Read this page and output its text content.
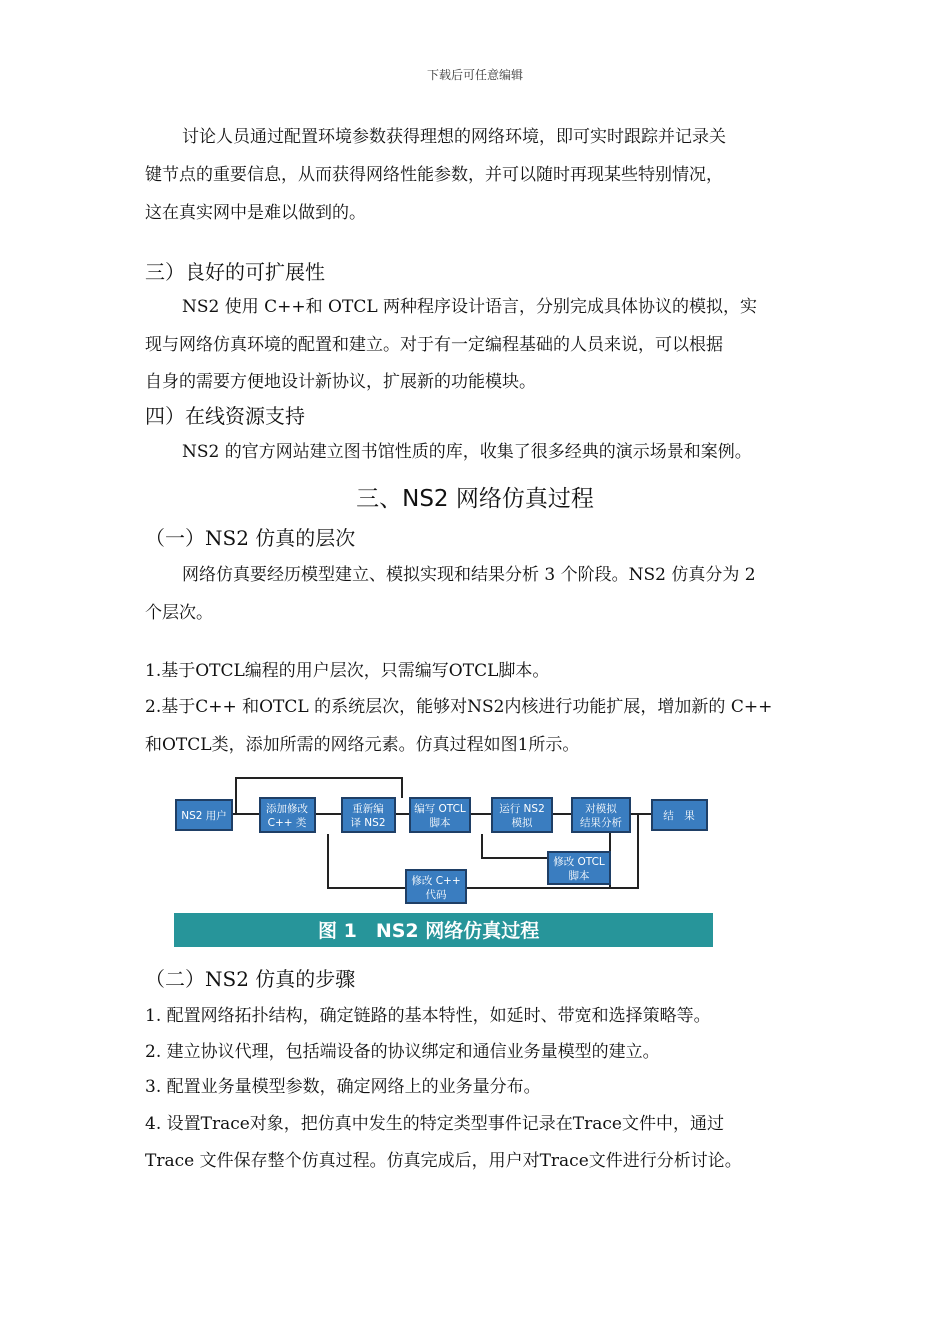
下载后可任意编辑
讨论人员通过配置环境参数获得理想的网络环境，即可实时跟踪并记录关
键节点的重要信息，从而获得网络性能参数，并可以随时再现某些特别情况，
这在真实网中是难以做到的。
三）良好的可扩展性
NS2 使用 C++和 OTCL 两种程序设计语言，分别完成具体协议的模拟，实
现与网络仿真环境的配置和建立。对于有一定编程基础的人员来说，可以根据
自身的需要方便地设计新协议，扩展新的功能模块。
四）在线资源支持
NS2 的官方网站建立图书馆性质的库，收集了很多经典的演示场景和案例。
三、NS2 网络仿真过程
（一）NS2 仿真的层次
网络仿真要经历模型建立、模拟实现和结果分析 3 个阶段。NS2 仿真分为 2
个层次。
1.基于OTCL编程的用户层次，只需编写OTCL脚本。
2.基于C++ 和OTCL 的系统层次，能够对NS2内核进行功能扩展，增加新的 C++
和OTCL类，添加所需的网络元素。仿真过程如图1所示。
NS2 用户
添加修改
C++ 类
重新编
译 NS2
编写 OTCL
脚本
运行 NS2
模拟
对模拟
结果分析
结　果
修改 OTCL
脚本
修改 C++
代码
图 1　NS2 网络仿真过程
（二）NS2 仿真的步骤
1. 配置网络拓扑结构，确定链路的基本特性，如延时、带宽和选择策略等。
2. 建立协议代理，包括端设备的协议绑定和通信业务量模型的建立。
3. 配置业务量模型参数，确定网络上的业务量分布。
4. 设置Trace对象，把仿真中发生的特定类型事件记录在Trace文件中，通过
Trace 文件保存整个仿真过程。仿真完成后，用户对Trace文件进行分析讨论。
